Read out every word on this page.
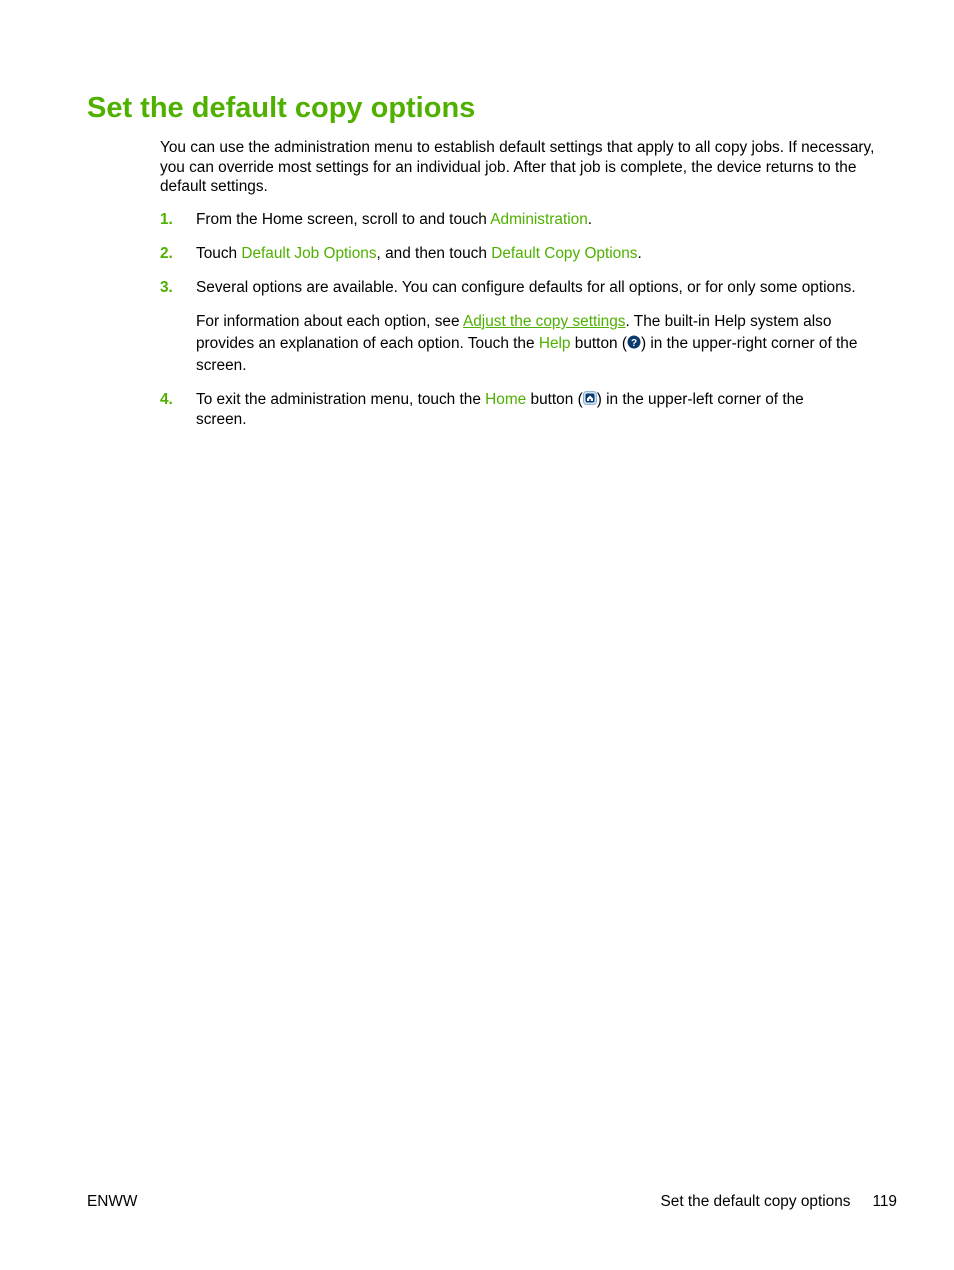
Set the default copy options

You can use the administration menu to establish default settings that apply to all copy jobs. If necessary, you can override most settings for an individual job. After that job is complete, the device returns to the default settings.

1. From the Home screen, scroll to and touch Administration.
2. Touch Default Job Options, and then touch Default Copy Options.
3. Several options are available. You can configure defaults for all options, or for only some options.
For information about each option, see Adjust the copy settings. The built-in Help system also provides an explanation of each option. Touch the Help button ( ? ) in the upper-right corner of the screen.
4. To exit the administration menu, touch the Home button ( ) in the upper-left corner of the screen.
ENWW	Set the default copy options 119
